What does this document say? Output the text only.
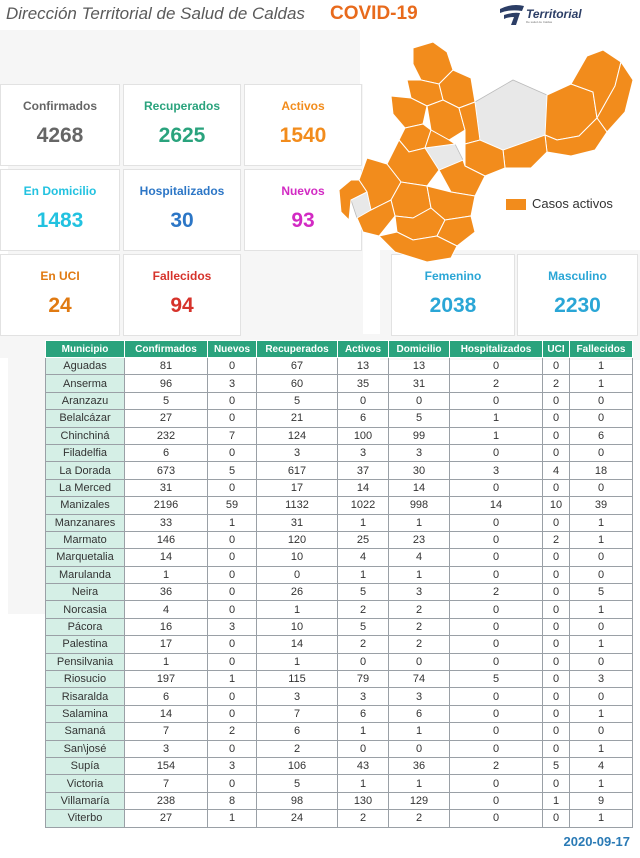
Dirección Territorial de Salud de Caldas COVID-19	Territorial
De salud de Caldas
Confirmados
4268
Recuperados
2625
Activos
1540
En Domicilio
1483
Hospitalizados
30
Nuevos
93
En UCI
24
Fallecidos
94
Femenino
2038
Masculino
2230
Casos activos
Municipio	Confirmados	Nuevos	Recuperados	Activos	Domicilio	Hospitalizados	UCI	Fallecidos
Aguadas	81	0	67	13	13	0	0	1
Anserma	96	3	60	35	31	2	2	1
Aranzazu	5	0	5	0	0	0	0	0
Belalcázar	27	0	21	6	5	1	0	0
Chinchiná	232	7	124	100	99	1	0	6
Filadelfia	6	0	3	3	3	0	0	0
La Dorada	673	5	617	37	30	3	4	18
La Merced	31	0	17	14	14	0	0	0
Manizales	2196	59	1132	1022	998	14	10	39
Manzanares	33	1	31	1	1	0	0	1
Marmato	146	0	120	25	23	0	2	1
Marquetalia	14	0	10	4	4	0	0	0
Marulanda	1	0	0	1	1	0	0	0
Neira	36	0	26	5	3	2	0	5
Norcasia	4	0	1	2	2	0	0	1
Pácora	16	3	10	5	2	0	0	0
Palestina	17	0	14	2	2	0	0	1
Pensilvania	1	0	1	0	0	0	0	0
Riosucio	197	1	115	79	74	5	0	3
Risaralda	6	0	3	3	3	0	0	0
Salamina	14	0	7	6	6	0	0	1
Samaná	7	2	6	1	1	0	0	0
San\josé	3	0	2	0	0	0	0	1
Supía	154	3	106	43	36	2	5	4
Victoria	7	0	5	1	1	0	0	1
Villamaría	238	8	98	130	129	0	1	9
Viterbo	27	1	24	2	2	0	0	1
2020-09-17
